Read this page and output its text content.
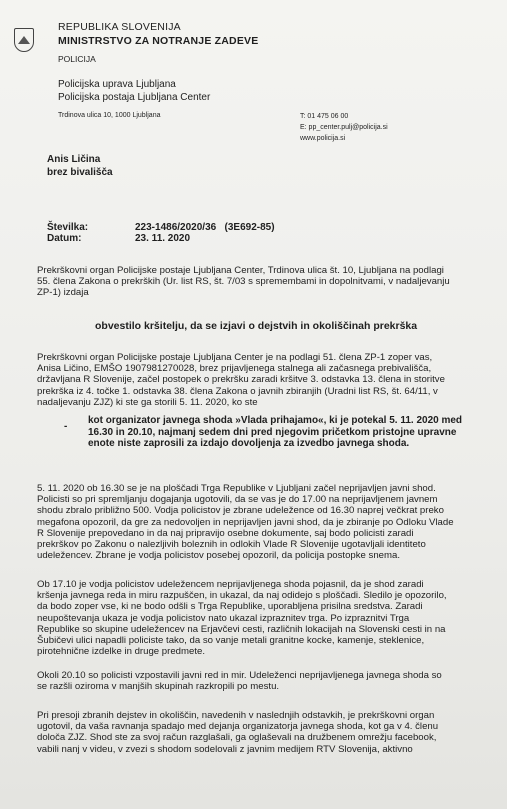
REPUBLIKA SLOVENIJA
MINISTRSTVO ZA NOTRANJE ZADEVE
POLICIJA
Policijska uprava Ljubljana
Policijska postaja Ljubljana Center
Trdinova ulica 10, 1000 Ljubljana	T: 01 475 06 00
E: pp_center.pulj@policija.si
www.policija.si
Anis Ličina
brez bivališča
Številka:	223-1486/2020/36   (3E692-85)
Datum:	23. 11. 2020
Prekrškovni organ Policijske postaje Ljubljana Center, Trdinova ulica št. 10, Ljubljana na podlagi
55. člena Zakona o prekrških (Ur. list RS, št. 7/03 s spremembami in dopolnitvami, v nadaljevanju
ZP-1) izdaja
obvestilo kršitelju, da se izjavi o dejstvih in okoliščinah prekrška
Prekrškovni organ Policijske postaje Ljubljana Center je na podlagi 51. člena ZP-1 zoper vas,
Anisa Ličino, EMŠO 1907981270028, brez prijavljenega stalnega ali začasnega prebivališča,
državljana R Slovenije, začel postopek o prekršku zaradi kršitve 3. odstavka 13. člena in storitve
prekrška iz 4. točke 1. odstavka 38. člena Zakona o javnih zbiranjih (Uradni list RS, št. 64/11, v
nadaljevanju ZJZ) ki ste ga storili 5. 11. 2020, ko ste
-
kot organizator javnega shoda »Vlada prihajamo«, ki je potekal 5. 11. 2020 med
16.30 in 20.10, najmanj sedem dni pred njegovim pričetkom pristojne upravne
enote niste zaprosili za izdajo dovoljenja za izvedbo javnega shoda.
5. 11. 2020 ob 16.30 se je na ploščadi Trga Republike v Ljubljani začel neprijavljen javni shod.
Policisti so pri spremljanju dogajanja ugotovili, da se vas je do 17.00 na neprijavljenem javnem
shodu zbralo približno 500. Vodja policistov je zbrane udeležence od 16.30 naprej večkrat preko
megafona opozoril, da gre za nedovoljen in neprijavljen javni shod, da je zbiranje po Odloku Vlade
R Slovenije prepovedano in da naj pripravijo osebne dokumente, saj bodo policisti zaradi
prekrškov po Zakonu o nalezljivih boleznih in odlokih Vlade R Slovenije ugotavljali identiteto
udeležencev. Zbrane je vodja policistov posebej opozoril, da policija postopke snema.
Ob 17.10 je vodja policistov udeležencem neprijavljenega shoda pojasnil, da je shod zaradi
kršenja javnega reda in miru razpuščen, in ukazal, da naj odidejo s ploščadi. Sledilo je opozorilo,
da bodo zoper vse, ki ne bodo odšli s Trga Republike, uporabljena prisilna sredstva. Zaradi
neupoštevanja ukaza je vodja policistov nato ukazal izpraznitev trga. Po izpraznitvi Trga
Republike so skupine udeležencev na Erjavčevi cesti, različnih lokacijah na Slovenski cesti in na
Šubičevi ulici napadli policiste tako, da so vanje metali granitne kocke, kamenje, steklenice,
pirotehnične izdelke in druge predmete.
Okoli 20.10 so policisti vzpostavili javni red in mir. Udeleženci neprijavljenega javnega shoda so
se razšli oziroma v manjših skupinah razkropili po mestu.
Pri presoji zbranih dejstev in okoliščin, navedenih v naslednjih odstavkih, je prekrškovni organ
ugotovil, da vaša ravnanja spadajo med dejanja organizatorja javnega shoda, kot ga v 4. členu
določa ZJZ. Shod ste za svoj račun razglašali, ga oglaševali na družbenem omrežju facebook,
vabili nanj v videu, v zvezi s shodom sodelovali z javnim medijem RTV Slovenija, aktivno
